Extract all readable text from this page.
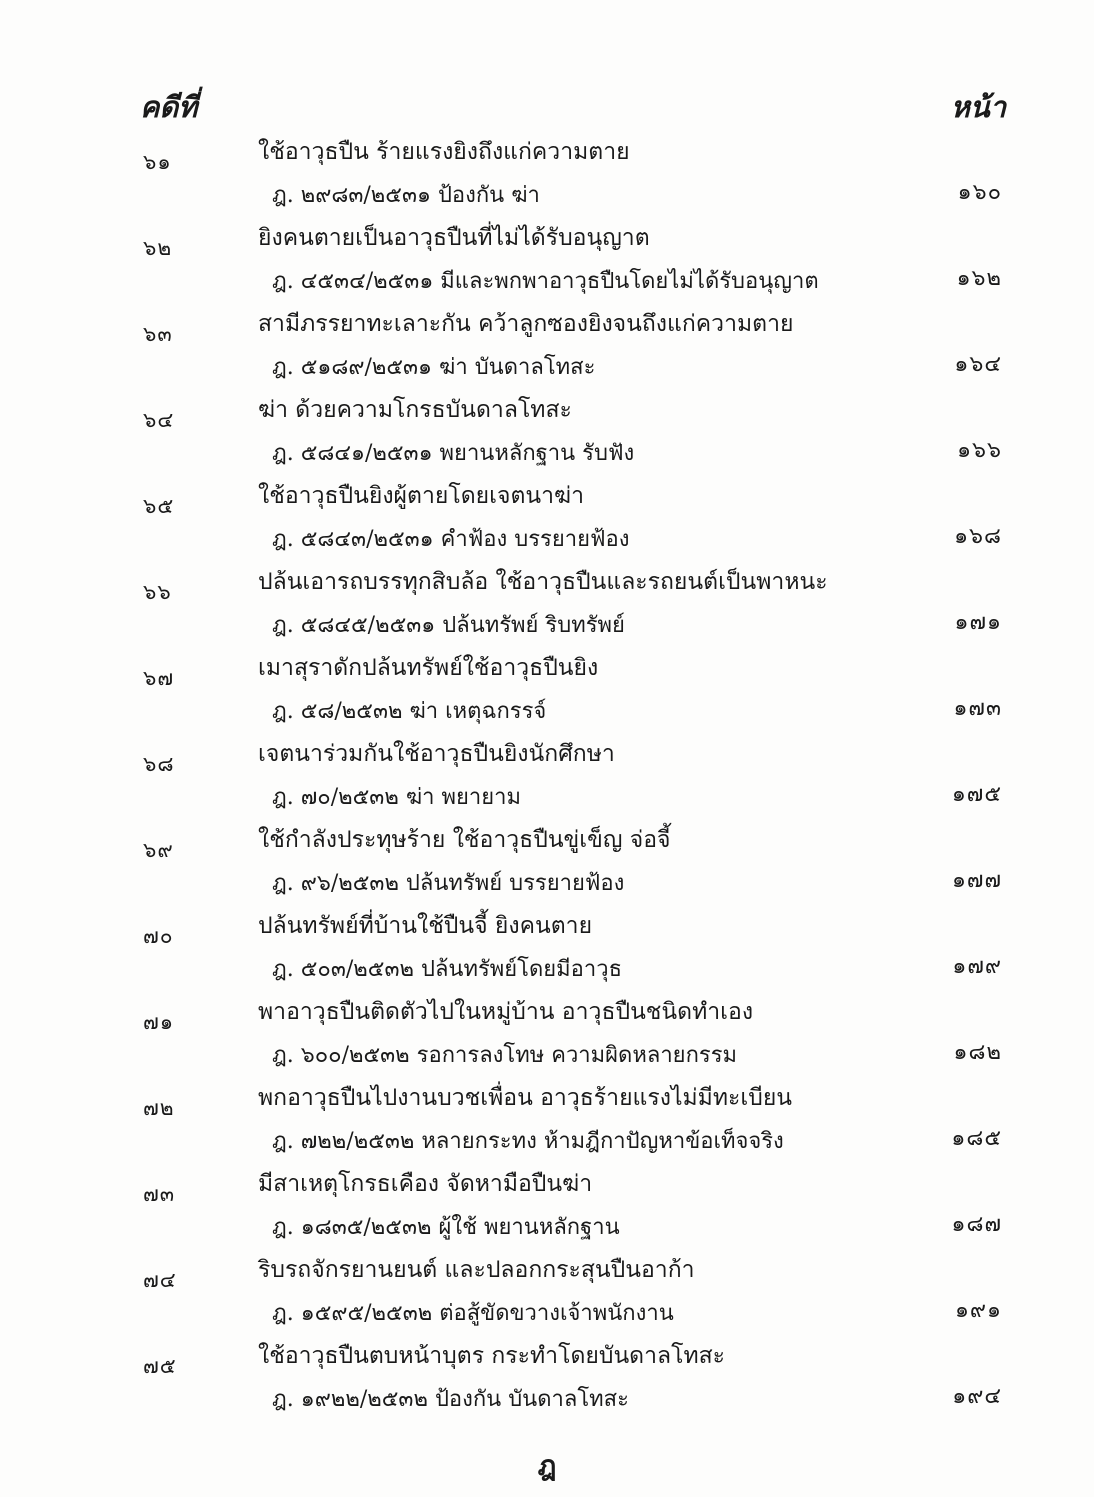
คดีที่	หน้า
๖๑	ใช้อาวุธปืน ร้ายแรงยิงถึงแก่ความตาย
ฎ. ๒๙๘๓/๒๕๓๑ ป้องกัน ฆ่า	๑๖๐
๖๒	ยิงคนตายเป็นอาวุธปืนที่ไม่ได้รับอนุญาต
ฎ. ๔๕๓๔/๒๕๓๑ มีและพกพาอาวุธปืนโดยไม่ได้รับอนุญาต	๑๖๒
๖๓	สามีภรรยาทะเลาะกัน คว้าลูกซองยิงจนถึงแก่ความตาย
ฎ. ๕๑๘๙/๒๕๓๑ ฆ่า บันดาลโทสะ	๑๖๔
๖๔	ฆ่า ด้วยความโกรธบันดาลโทสะ
ฎ. ๕๘๔๑/๒๕๓๑ พยานหลักฐาน รับฟัง	๑๖๖
๖๕	ใช้อาวุธปืนยิงผู้ตายโดยเจตนาฆ่า
ฎ. ๕๘๔๓/๒๕๓๑ คำฟ้อง บรรยายฟ้อง	๑๖๘
๖๖	ปล้นเอารถบรรทุกสิบล้อ ใช้อาวุธปืนและรถยนต์เป็นพาหนะ
ฎ. ๕๘๔๕/๒๕๓๑ ปล้นทรัพย์ ริบทรัพย์	๑๗๑
๖๗	เมาสุราดักปล้นทรัพย์ใช้อาวุธปืนยิง
ฎ. ๕๘/๒๕๓๒ ฆ่า เหตุฉกรรจ์	๑๗๓
๖๘	เจตนาร่วมกันใช้อาวุธปืนยิงนักศึกษา
ฎ. ๗๐/๒๕๓๒ ฆ่า พยายาม	๑๗๕
๖๙	ใช้กำลังประทุษร้าย ใช้อาวุธปืนขู่เข็ญ จ่อจี้
ฎ. ๙๖/๒๕๓๒ ปล้นทรัพย์ บรรยายฟ้อง	๑๗๗
๗๐	ปล้นทรัพย์ที่บ้านใช้ปืนจี้ ยิงคนตาย
ฎ. ๕๐๓/๒๕๓๒ ปล้นทรัพย์โดยมีอาวุธ	๑๗๙
๗๑	พาอาวุธปืนติดตัวไปในหมู่บ้าน อาวุธปืนชนิดทำเอง
ฎ. ๖๐๐/๒๕๓๒ รอการลงโทษ ความผิดหลายกรรม	๑๘๒
๗๒	พกอาวุธปืนไปงานบวชเพื่อน อาวุธร้ายแรงไม่มีทะเบียน
ฎ. ๗๒๒/๒๕๓๒ หลายกระทง ห้ามฎีกาปัญหาข้อเท็จจริง	๑๘๕
๗๓	มีสาเหตุโกรธเคือง จัดหามือปืนฆ่า
ฎ. ๑๘๓๕/๒๕๓๒ ผู้ใช้ พยานหลักฐาน	๑๘๗
๗๔	ริบรถจักรยานยนต์ และปลอกกระสุนปืนอาก้า
ฎ. ๑๕๙๕/๒๕๓๒ ต่อสู้ขัดขวางเจ้าพนักงาน	๑๙๑
๗๕	ใช้อาวุธปืนตบหน้าบุตร กระทำโดยบันดาลโทสะ
ฎ. ๑๙๒๒/๒๕๓๒ ป้องกัน บันดาลโทสะ	๑๙๔
ฎ
